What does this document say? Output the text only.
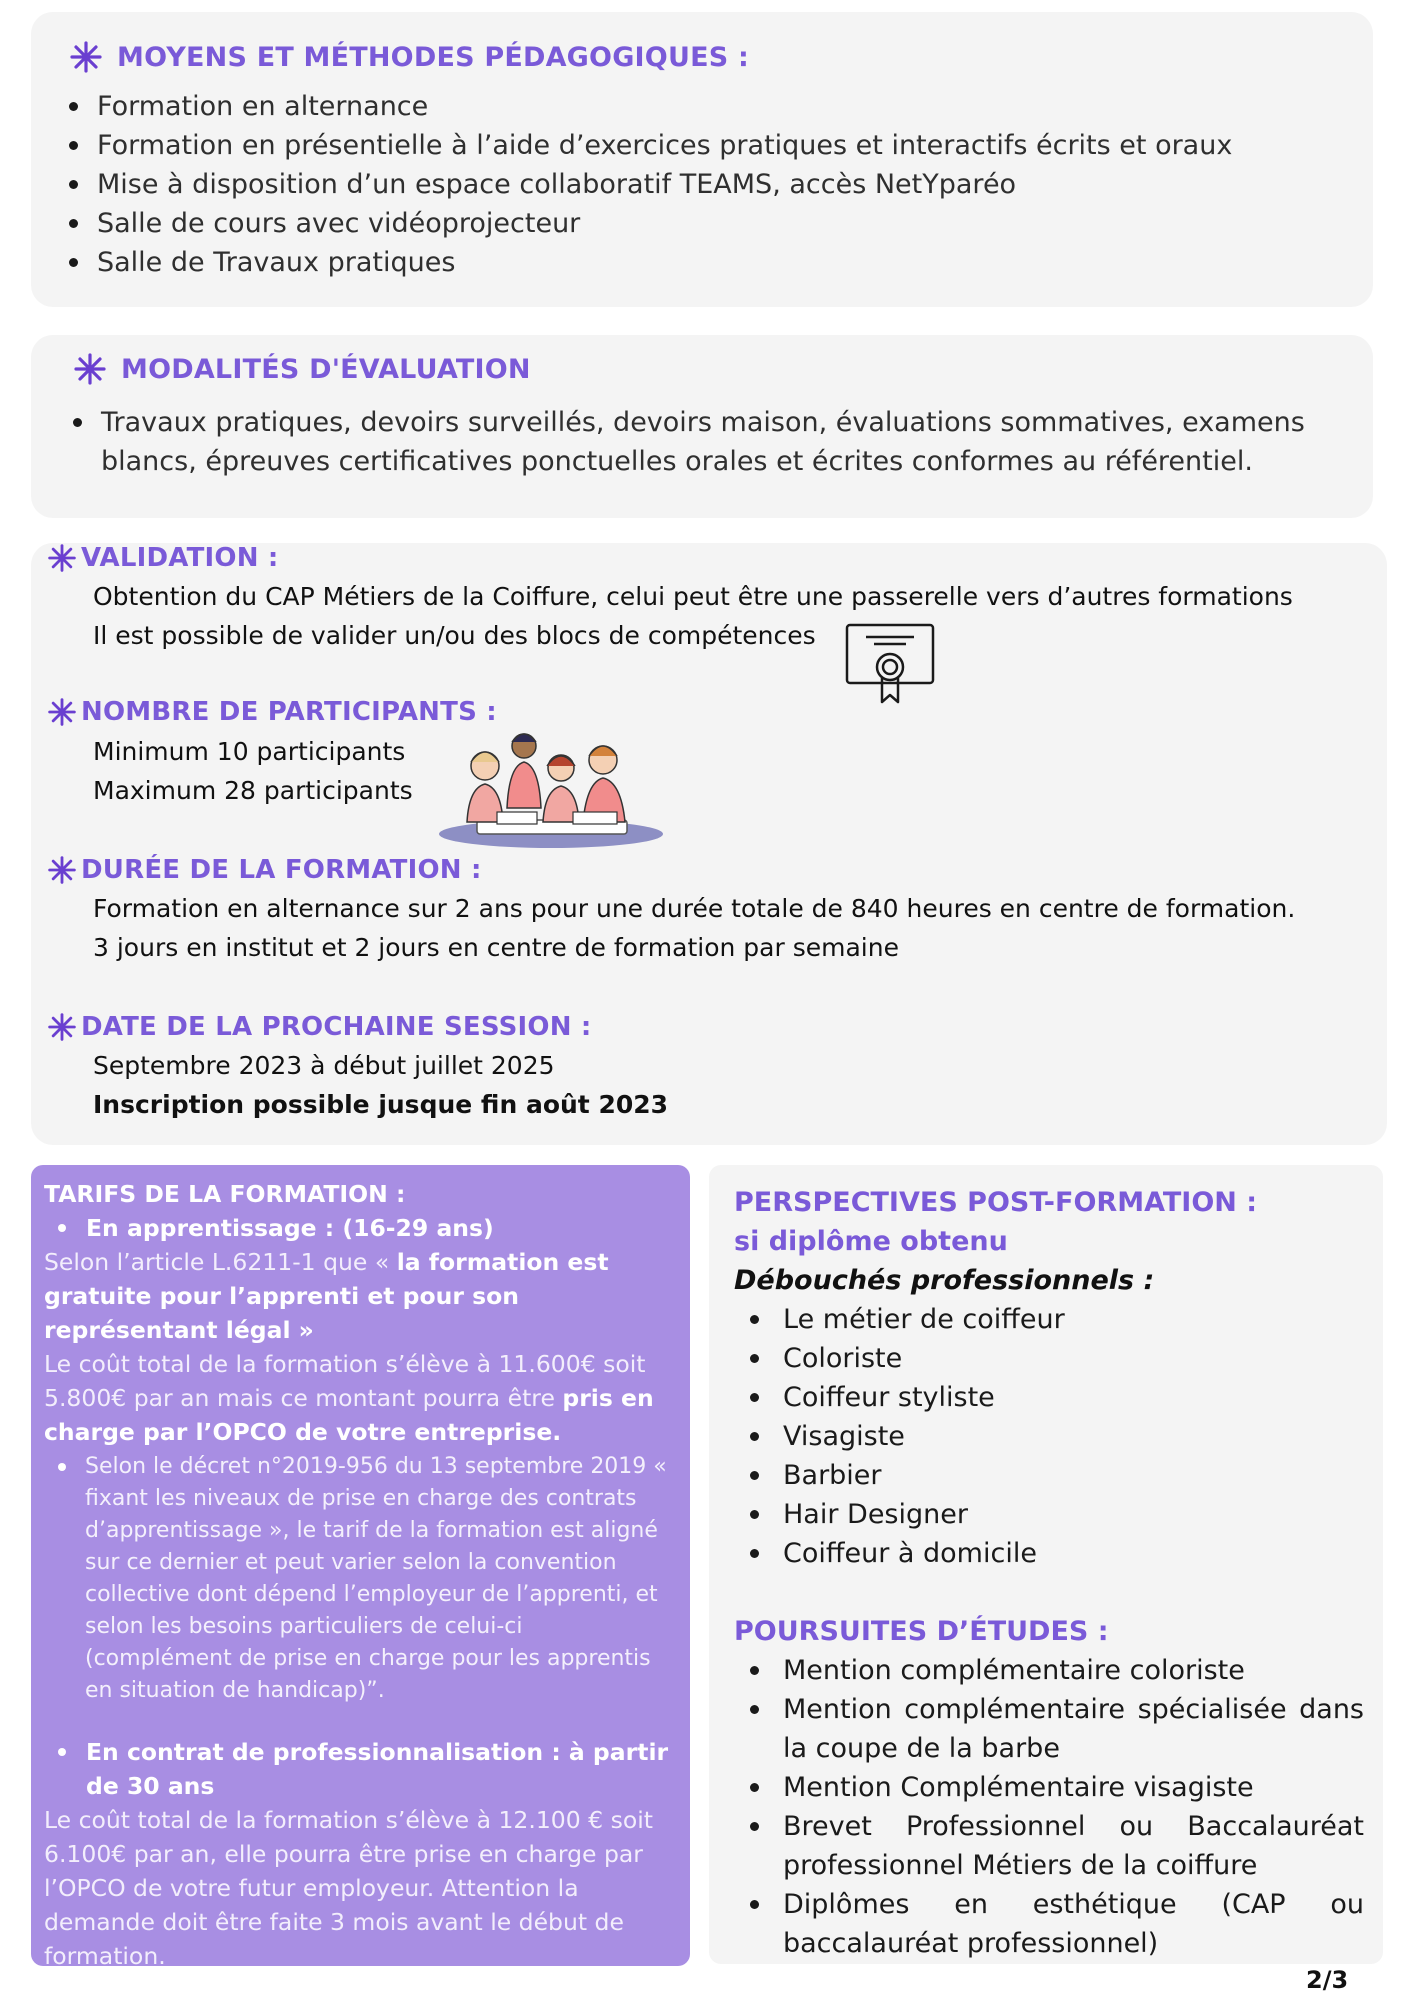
MOYENS ET MÉTHODES PÉDAGOGIQUES :
Formation en alternance
Formation en présentielle à l’aide d’exercices pratiques et interactifs écrits et oraux
Mise à disposition d’un espace collaboratif TEAMS, accès NetYparéo
Salle de cours avec vidéoprojecteur
Salle de Travaux pratiques
MODALITÉS D'ÉVALUATION
Travaux pratiques, devoirs surveillés, devoirs maison, évaluations sommatives, examens blancs, épreuves certificatives ponctuelles orales et écrites conformes au référentiel.
VALIDATION :
Obtention du CAP Métiers de la Coiffure, celui peut être une passerelle vers d’autres formations
Il est possible de valider un/ou des blocs de compétences
NOMBRE DE PARTICIPANTS :
Minimum 10 participants
Maximum 28 participants
DURÉE DE LA FORMATION :
Formation en alternance sur 2 ans pour une durée totale de 840 heures en centre de formation.
3 jours en institut et 2 jours en centre de formation par semaine
DATE DE LA PROCHAINE SESSION :
Septembre 2023 à début juillet 2025
Inscription possible jusque fin août 2023
TARIFS DE LA FORMATION :
En apprentissage : (16-29 ans)
Selon l’article L.6211-1 que « la formation est gratuite pour l’apprenti et pour son représentant légal »
Le coût total de la formation s’élève à 11.600€ soit 5.800€ par an mais ce montant pourra être pris en charge par l’OPCO de votre entreprise.
Selon le décret n°2019-956 du 13 septembre 2019 « fixant les niveaux de prise en charge des contrats d’apprentissage », le tarif de la formation est aligné sur ce dernier et peut varier selon la convention collective dont dépend l’employeur de l’apprenti, et selon les besoins particuliers de celui-ci (complément de prise en charge pour les apprentis en situation de handicap)”.
En contrat de professionnalisation : à partir de 30 ans
Le coût total de la formation s’élève à 12.100 € soit 6.100€ par an, elle pourra être prise en charge par l’OPCO de votre futur employeur. Attention la demande doit être faite 3 mois avant le début de formation.
PERSPECTIVES POST-FORMATION :
si diplôme obtenu
Débouchés professionnels :
Le métier de coiffeur
Coloriste
Coiffeur styliste
Visagiste
Barbier
Hair Designer
Coiffeur à domicile
POURSUITES D’ÉTUDES :
Mention complémentaire coloriste
Mention complémentaire spécialisée dans la coupe de la barbe
Mention Complémentaire visagiste
Brevet Professionnel ou Baccalauréat professionnel Métiers de la coiffure
Diplômes en esthétique (CAP ou baccalauréat professionnel)
2/3
